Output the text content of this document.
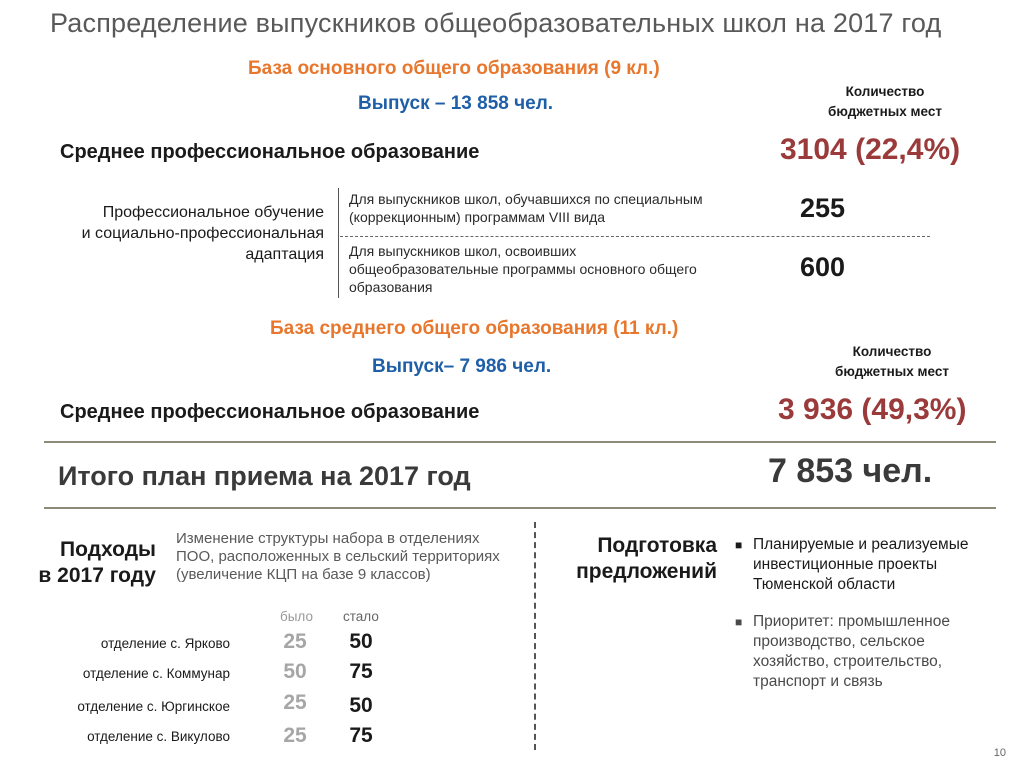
Распределение выпускников общеобразовательных школ на 2017 год
База основного общего образования (9 кл.)
Выпуск – 13 858 чел.
Количество
бюджетных мест
Среднее профессиональное образование	3104 (22,4%)
Профессиональное обучение
и социально-профессиональная
адаптация
Для выпускников школ, обучавшихся по специальным
(коррекционным) программам VIII вида	255
Для выпускников школ, освоивших
общеобразовательные программы основного общего
образования
600
База среднего общего образования (11 кл.)
Количество
бюджетных мест
Выпуск– 7 986 чел.
Среднее профессиональное образование	3 936 (49,3%)
Итого план приема на 2017 год	7 853 чел.
Подходы
в 2017 году
Изменение структуры набора в отделениях
ПОО, расположенных в сельский территориях
(увеличение КЦП на базе 9 классов)
было стало
отделение с. Ярково	25	50
отделение с. Коммунар	50	75
отделение с. Юргинское	25	50
отделение с. Викулово	25	75
Подготовка
предложений
■ Планируемые и реализуемые
инвестиционные проекты
Тюменской области
■ Приоритет: промышленное
производство, сельское
хозяйство, строительство,
транспорт и связь
10
